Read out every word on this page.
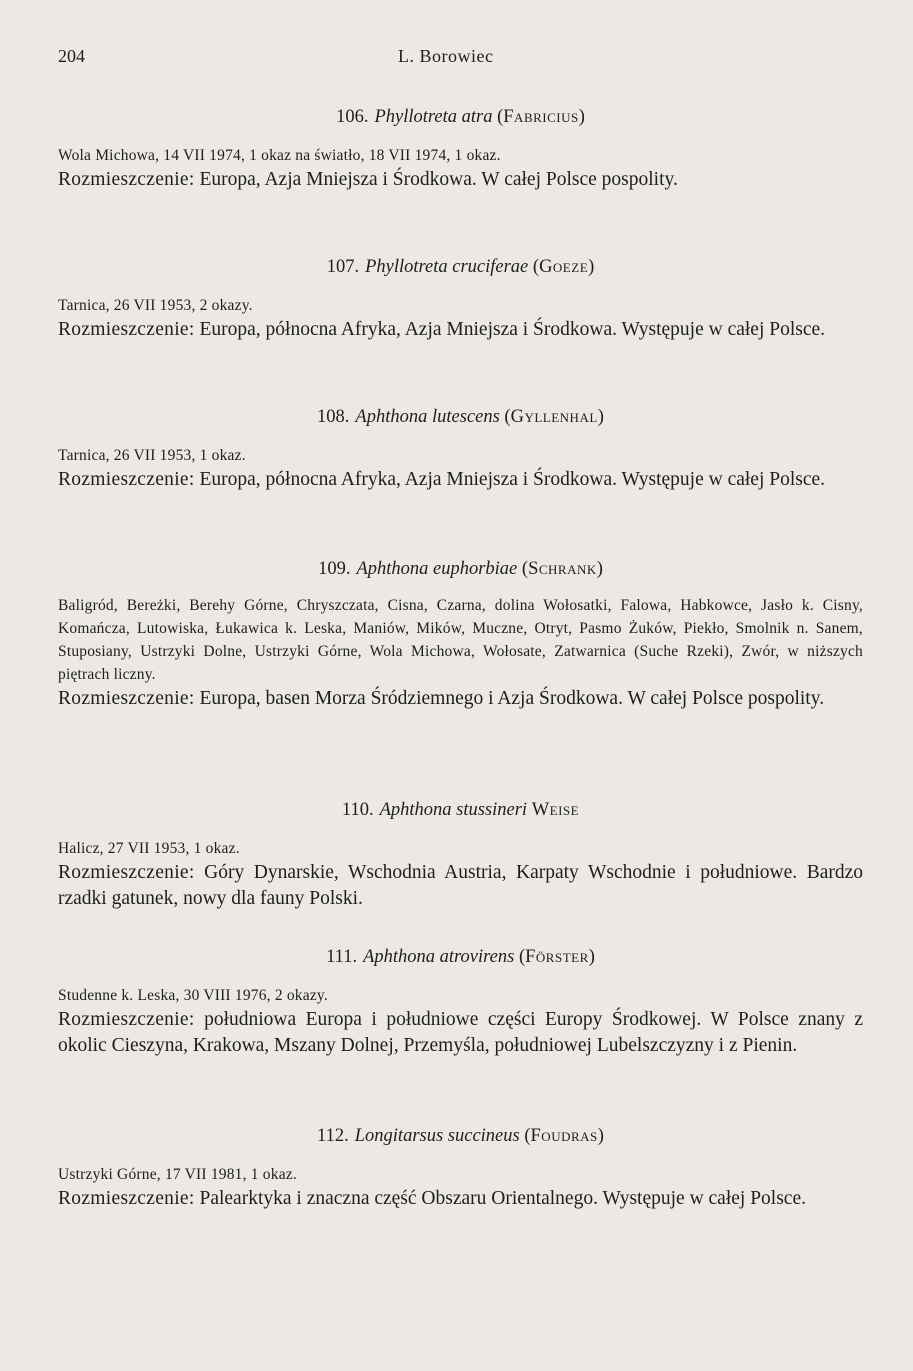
204	L. Borowiec

106. Phyllotreta atra (Fabricius)

Wola Michowa, 14 VII 1974, 1 okaz na światło, 18 VII 1974, 1 okaz.

Rozmieszczenie: Europa, Azja Mniejsza i Środkowa. W całej Polsce pospolity.

107. Phyllotreta cruciferae (Goeze)

Tarnica, 26 VII 1953, 2 okazy.

Rozmieszczenie: Europa, północna Afryka, Azja Mniejsza i Środkowa. Występuje w całej Polsce.

108. Aphthona lutescens (Gyllenhal)

Tarnica, 26 VII 1953, 1 okaz.

Rozmieszczenie: Europa, północna Afryka, Azja Mniejsza i Środkowa. Występuje w całej Polsce.

109. Aphthona euphorbiae (Schrank)

Baligród, Bereżki, Berehy Górne, Chryszczata, Cisna, Czarna, dolina Wołosatki, Falowa, Habkowce, Jasło k. Cisny, Komańcza, Lutowiska, Łukawica k. Leska, Maniów, Mików, Muczne, Otryt, Pasmo Żuków, Piekło, Smolnik n. Sanem, Stuposiany, Ustrzyki Dolne, Ustrzyki Górne, Wola Michowa, Wołosate, Zatwarnica (Suche Rzeki), Zwór, w niższych piętrach liczny.

Rozmieszczenie: Europa, basen Morza Śródziemnego i Azja Środkowa. W całej Polsce pospolity.

110. Aphthona stussineri Weise

Halicz, 27 VII 1953, 1 okaz.

Rozmieszczenie: Góry Dynarskie, Wschodnia Austria, Karpaty Wschodnie i południowe. Bardzo rzadki gatunek, nowy dla fauny Polski.

111. Aphthona atrovirens (Förster)

Studenne k. Leska, 30 VIII 1976, 2 okazy.

Rozmieszczenie: południowa Europa i południowe części Europy Środkowej. W Polsce znany z okolic Cieszyna, Krakowa, Mszany Dolnej, Przemyśla, południowej Lubelszczyzny i z Pienin.

112. Longitarsus succineus (Foudras)

Ustrzyki Górne, 17 VII 1981, 1 okaz.

Rozmieszczenie: Palearktyka i znaczna część Obszaru Orientalnego. Występuje w całej Polsce.
